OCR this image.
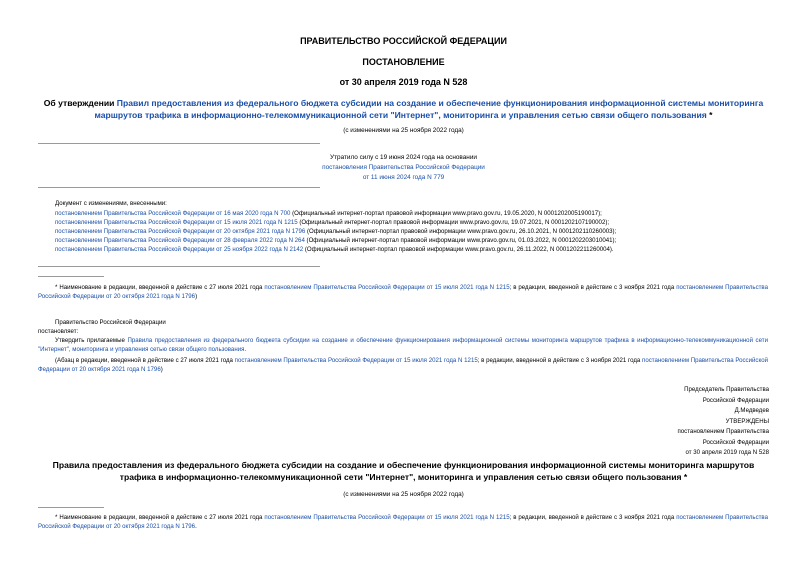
ПРАВИТЕЛЬСТВО РОССИЙСКОЙ ФЕДЕРАЦИИ
ПОСТАНОВЛЕНИЕ
от 30 апреля 2019 года N 528
Об утверждении Правил предоставления из федерального бюджета субсидии на создание и обеспечение функционирования информационной системы мониторинга маршрутов трафика в информационно-телекоммуникационной сети "Интернет", мониторинга и управления сетью связи общего пользования *
(с изменениями на 25 ноября 2022 года)
Утратило силу с 19 июня 2024 года на основании
постановления Правительства Российской Федерации
от 11 июня 2024 года N 779

Документ с изменениями, внесенными:

постановлением Правительства Российской Федерации от 16 мая 2020 года N 700 (Официальный интернет-портал правовой информации www.pravo.gov.ru, 19.05.2020, N 0001202005190017);

постановлением Правительства Российской Федерации от 15 июля 2021 года N 1215 (Официальный интернет-портал правовой информации www.pravo.gov.ru, 19.07.2021, N 0001202107190002);

постановлением Правительства Российской Федерации от 20 октября 2021 года N 1796 (Официальный интернет-портал правовой информации www.pravo.gov.ru, 26.10.2021, N 0001202110260003);

постановлением Правительства Российской Федерации от 28 февраля 2022 года N 264 (Официальный интернет-портал правовой информации www.pravo.gov.ru, 01.03.2022, N 0001202203010041);

постановлением Правительства Российской Федерации от 25 ноября 2022 года N 2142 (Официальный интернет-портал правовой информации www.pravo.gov.ru, 26.11.2022, N 0001202211260004).

* Наименование в редакции, введенной в действие с 27 июля 2021 года постановлением Правительства Российской Федерации от 15 июля 2021 года N 1215; в редакции, введенной в действие с 3 ноября 2021 года постановлением Правительства Российской Федерации от 20 октября 2021 года N 1796)
Правительство Российской Федерации
постановляет:
Утвердить прилагаемые Правила предоставления из федерального бюджета субсидии на создание и обеспечение функционирования информационной системы мониторинга маршрутов трафика в информационно-телекоммуникационной сети "Интернет", мониторинга и управления сетью связи общего пользования.
(Абзац в редакции, введенной в действие с 27 июля 2021 года постановлением Правительства Российской Федерации от 15 июля 2021 года N 1215; в редакции, введенной в действие с 3 ноября 2021 года постановлением Правительства Российской Федерации от 20 октября 2021 года N 1796)

Председатель Правительства

Российской Федерации

Д.Медведев

УТВЕРЖДЕНЫ

постановлением Правительства

Российской Федерации

от 30 апреля 2019 года N 528

Правила предоставления из федерального бюджета субсидии на создание и обеспечение функционирования информационной системы мониторинга маршрутов трафика в информационно-телекоммуникационной сети "Интернет", мониторинга и управления сетью связи общего пользования *
(с изменениями на 25 ноября 2022 года)
* Наименование в редакции, введенной в действие с 27 июля 2021 года постановлением Правительства Российской Федерации от 15 июля 2021 года N 1215; в редакции, введенной в действие с 3 ноября 2021 года постановлением Правительства Российской Федерации от 20 октября 2021 года N 1796.
